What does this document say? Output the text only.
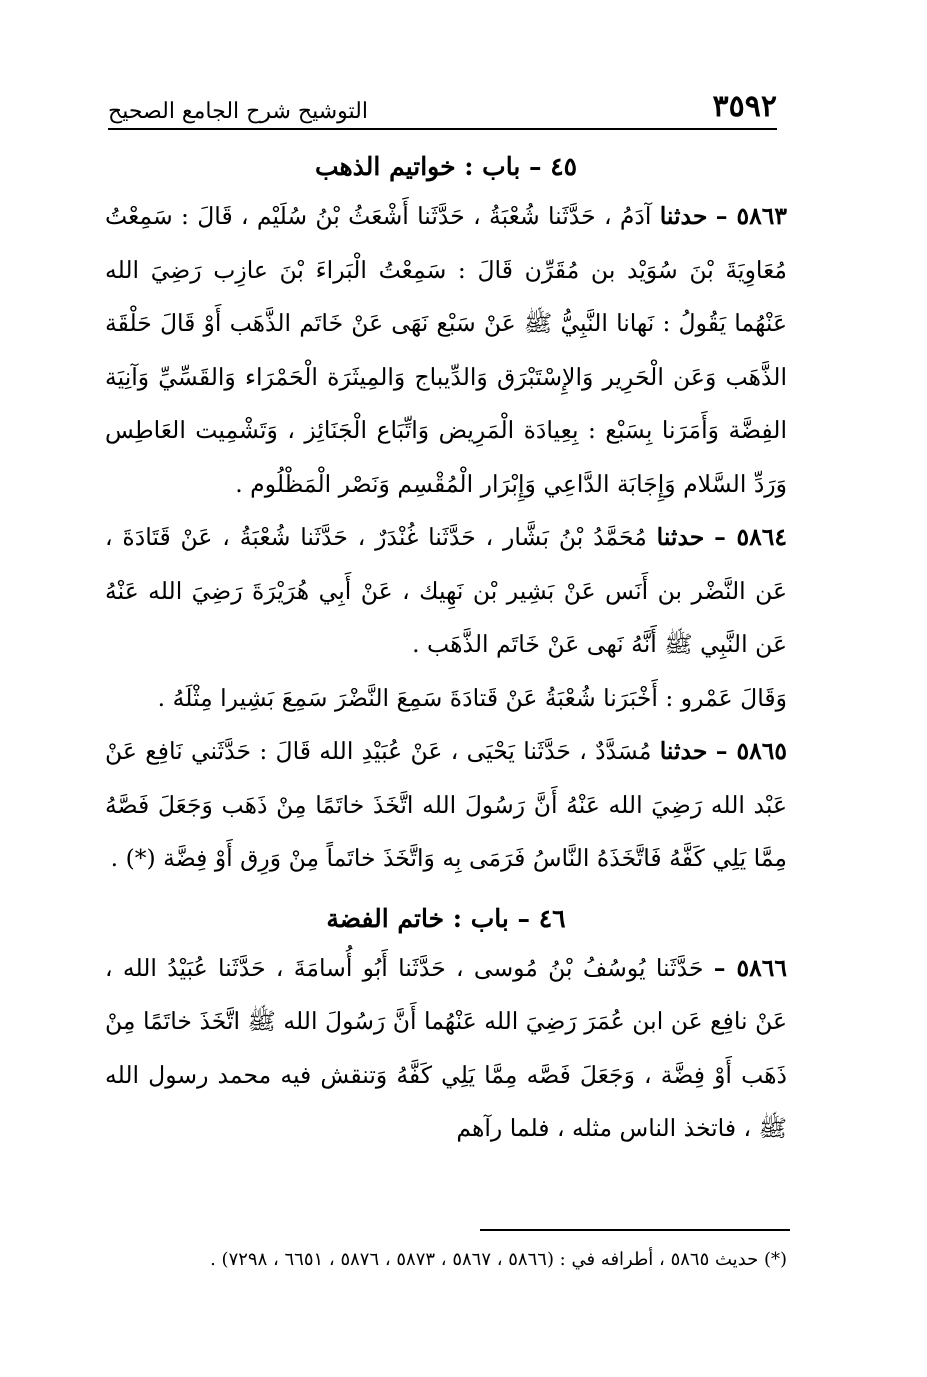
٣٥٩٢
التوشيح شرح الجامع الصحيح
٤٥ – باب : خواتيم الذهب

٥٨٦٣ – حدثنا آدَمُ ، حَدَّثَنا شُعْبَةُ ، حَدَّثَنا أَشْعَثُ بْنُ سُلَيْم ، قَالَ : سَمِعْتُ مُعَاوِيَةَ بْنَ سُوَيْد بن مُقَرِّن قَالَ : سَمِعْتُ الْبَراءَ بْنَ عازِب رَضِيَ الله عَنْهُما يَقُولُ : نَهانا النَّبِيُّ ﷺ عَنْ سَبْع نَهَى عَنْ خَاتَم الذَّهَب أَوْ قَالَ حَلْقَة الذَّهَب وَعَن الْحَرِير وَالإِسْتَبْرَق وَالدِّيباج وَالمِيثَرَة الْحَمْرَاء وَالقَسِّيِّ وَآنِيَة الفِضَّة وَأَمَرَنا بِسَبْع : بِعِيادَة الْمَرِيض وَاتِّبَاع الْجَنَائِز ، وَتَشْمِيت العَاطِس وَرَدِّ السَّلام وَإِجَابَة الدَّاعِي وَإِبْرَار الْمُقْسِم وَنَصْر الْمَظْلُوم .

٥٨٦٤ – حدثنا مُحَمَّدُ بْنُ بَشَّار ، حَدَّثَنا غُنْدَرٌ ، حَدَّثَنا شُعْبَةُ ، عَنْ قَتَادَةَ ، عَن النَّضْر بن أَنَس عَنْ بَشِير بْن نَهِيك ، عَنْ أَبِي هُرَيْرَةَ رَضِيَ الله عَنْهُ عَن النَّبِي ﷺ أَنَّهُ نَهى عَنْ خَاتَم الذَّهَب .

وَقَالَ عَمْرو : أَخْبَرَنا شُعْبَةُ عَنْ قَتادَةَ سَمِعَ النَّضْرَ سَمِعَ بَشِيرا مِثْلَهُ .

٥٨٦٥ – حدثنا مُسَدَّدٌ ، حَدَّثَنا يَحْيَى ، عَنْ عُبَيْدِ الله قَالَ : حَدَّثَني نَافِع عَنْ عَبْد الله رَضِيَ الله عَنْهُ أَنَّ رَسُولَ الله اتَّخَذَ خاتَمًا مِنْ ذَهَب وَجَعَلَ فَصَّهُ مِمَّا يَلِي كَفَّهُ فَاتَّخَذَهُ النَّاسُ فَرَمَى بِه وَاتَّخَذَ خاتَماً مِنْ وَرِق أَوْ فِضَّة (*) .

٤٦ – باب : خاتم الفضة

٥٨٦٦ – حَدَّثَنا يُوسُفُ بْنُ مُوسى ، حَدَّثَنا أَبُو أُسامَةَ ، حَدَّثَنا عُبَيْدُ الله ، عَنْ نافِع عَن ابن عُمَرَ رَضِيَ الله عَنْهُما أَنَّ رَسُولَ الله ﷺ اتَّخَذَ خاتَمًا مِنْ ذَهَب أَوْ فِضَّة ، وَجَعَلَ فَصَّه مِمَّا يَلِي كَفَّهُ وَتنقش فيه محمد رسول الله ﷺ ، فاتخذ الناس مثله ، فلما رآهم

(*) حديث ٥٨٦٥ ، أطرافه في : (٥٨٦٦ ، ٥٨٦٧ ، ٥٨٧٣ ، ٥٨٧٦ ، ٦٦٥١ ، ٧٢٩٨) .
